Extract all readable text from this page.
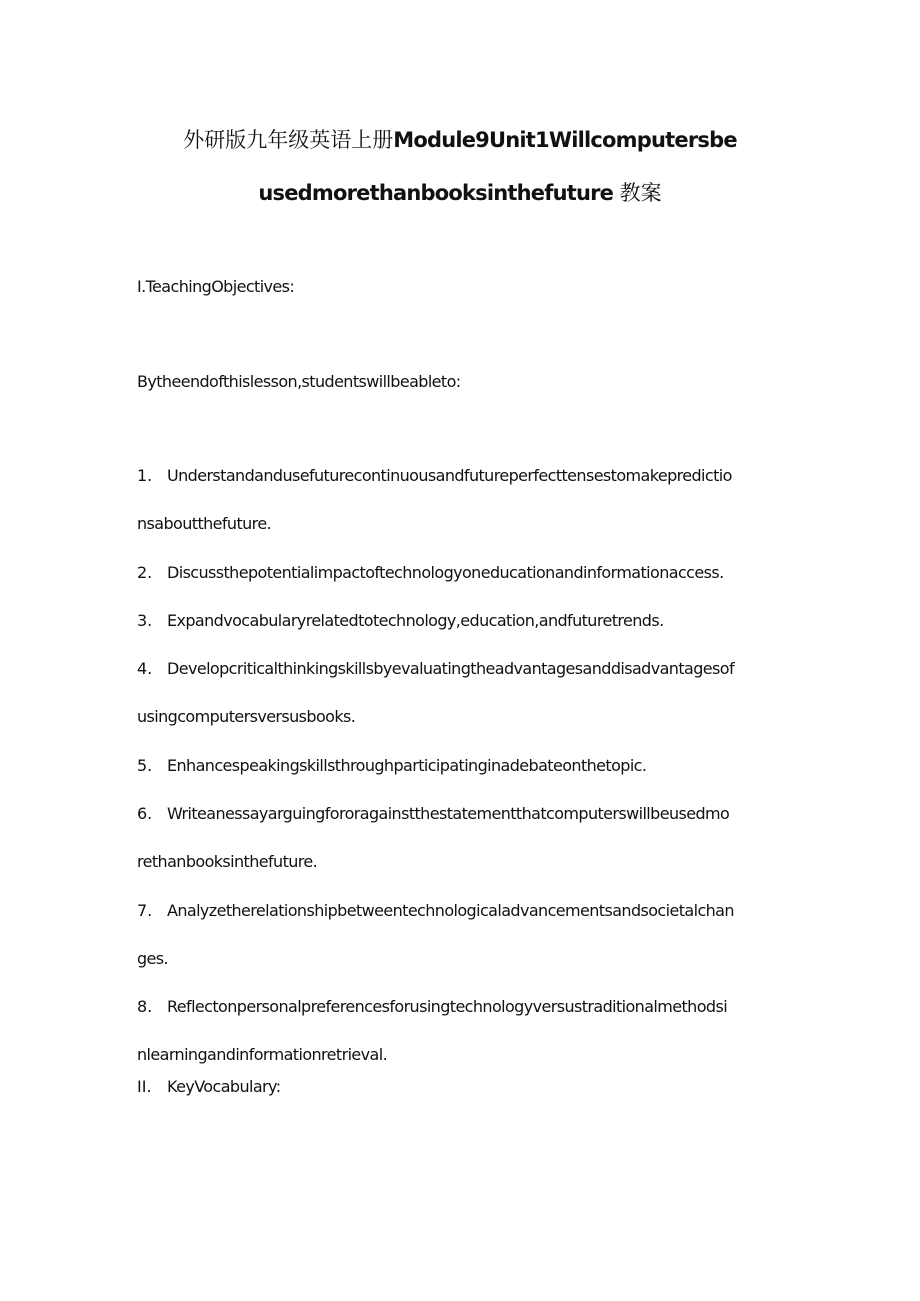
外研版九年级英语上册Module9Unit1Willcomputersbe
usedmorethanbooksinthefuture 教案
I.TeachingObjectives:
Bytheendofthislesson,studentswillbeableto:
1. Understandandusefuturecontinuousandfutureperfecttensestomakepredictio
nsaboutthefuture.
2. Discussthepotentialimpactoftechnologyoneducationandinformationaccess.
3. Expandvocabularyrelatedtotechnology,education,andfuturetrends.
4. Developcriticalthinkingskillsbyevaluatingtheadvantagesanddisadvantagesof
usingcomputersversusbooks.
5. Enhancespeakingskillsthroughparticipatinginadebateonthetopic.
6. Writeanessayarguingfororagainstthestatementthatcomputerswillbeusedmo
rethanbooksinthefuture.
7. Analyzetherelationshipbetweentechnologicaladvancementsandsocietalchan
ges.
8. Reflectonpersonalpreferencesforusingtechnologyversustraditionalmethodsi
nlearningandinformationretrieval.
II. KeyVocabulary:
